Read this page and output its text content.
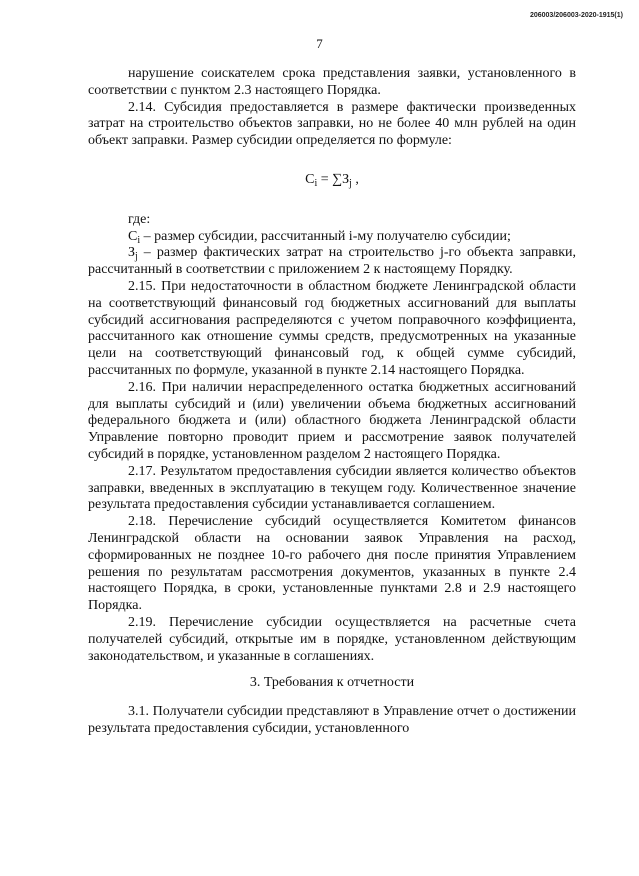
206003/206003-2020-1915(1)
7

нарушение соискателем срока представления заявки, установленного в соответствии с пунктом 2.3 настоящего Порядка.

2.14. Субсидия предоставляется в размере фактически произведенных затрат на строительство объектов заправки, но не более 40 млн рублей на один объект заправки. Размер субсидии определяется по формуле:

$C_i = \sum З_j$ ,

где:

$C_i$ – размер субсидии, рассчитанный i-му получателю субсидии;

$З_j$ – размер фактических затрат на строительство j-го объекта заправки, рассчитанный в соответствии с приложением 2 к настоящему Порядку.

2.15. При недостаточности в областном бюджете Ленинградской области на соответствующий финансовый год бюджетных ассигнований для выплаты субсидий ассигнования распределяются с учетом поправочного коэффициента, рассчитанного как отношение суммы средств, предусмотренных на указанные цели на соответствующий финансовый год, к общей сумме субсидий, рассчитанных по формуле, указанной в пункте 2.14 настоящего Порядка.

2.16. При наличии нераспределенного остатка бюджетных ассигнований для выплаты субсидий и (или) увеличении объема бюджетных ассигнований федерального бюджета и (или) областного бюджета Ленинградской области Управление повторно проводит прием и рассмотрение заявок получателей субсидий в порядке, установленном разделом 2 настоящего Порядка.

2.17. Результатом предоставления субсидии является количество объектов заправки, введенных в эксплуатацию в текущем году. Количественное значение результата предоставления субсидии устанавливается соглашением.

2.18. Перечисление субсидий осуществляется Комитетом финансов Ленинградской области на основании заявок Управления на расход, сформированных не позднее 10-го рабочего дня после принятия Управлением решения по результатам рассмотрения документов, указанных в пункте 2.4 настоящего Порядка, в сроки, установленные пунктами 2.8 и 2.9 настоящего Порядка.

2.19. Перечисление субсидии осуществляется на расчетные счета получателей субсидий, открытые им в порядке, установленном действующим законодательством, и указанные в соглашениях.

3. Требования к отчетности

3.1. Получатели субсидии представляют в Управление отчет о достижении результата предоставления субсидии, установленного
